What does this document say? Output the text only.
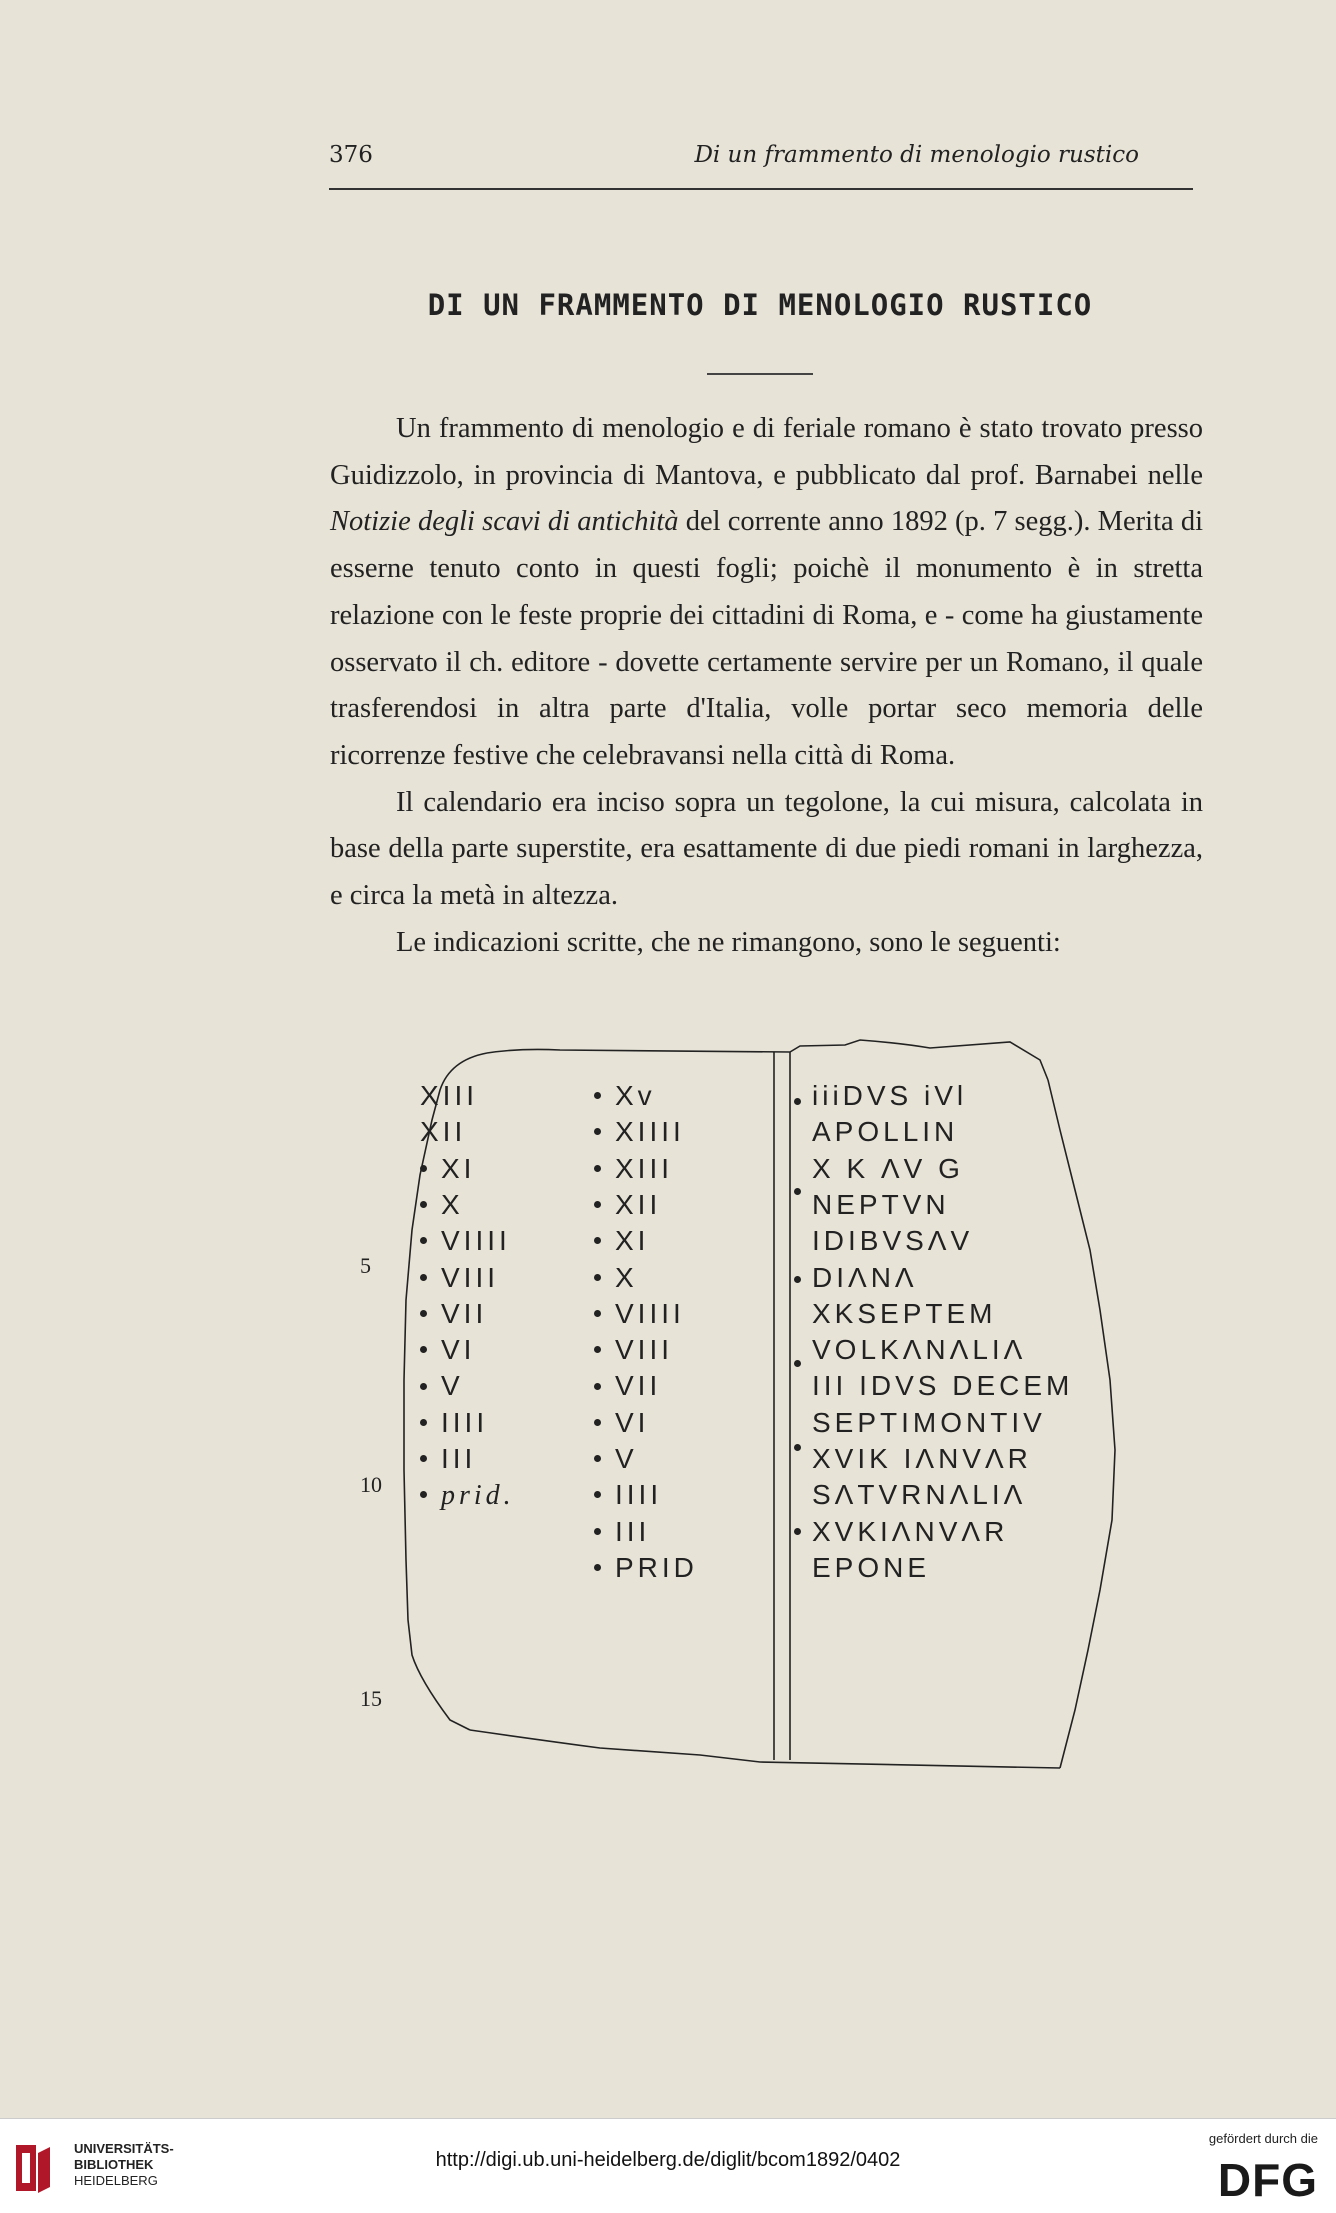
376	Di un frammento di menologio rustico
DI UN FRAMMENTO DI MENOLOGIO RUSTICO

Un frammento di menologio e di feriale romano è stato trovato presso Guidizzolo, in provincia di Mantova, e pubblicato dal prof. Barnabei nelle Notizie degli scavi di antichità del corrente anno 1892 (p. 7 segg.). Merita di esserne tenuto conto in questi fogli; poichè il monumento è in stretta relazione con le feste proprie dei cittadini di Roma, e - come ha giustamente osservato il ch. editore - dovette certamente servire per un Romano, il quale trasferendosi in altra parte d'Italia, volle portar seco memoria delle ricorrenze festive che celebravansi nella città di Roma.

Il calendario era inciso sopra un tegolone, la cui misura, calcolata in base della parte superstite, era esattamente di due piedi romani in larghezza, e circa la metà in altezza.

Le indicazioni scritte, che ne rimangono, sono le seguenti:

5
10
15
XIII
XII
XI
X
VIIII
VIII
VII
VI
V
IIII
III
prid.
Xv
XIIII
XIII
XII
XI
X
VIIII
VIII
VII
VI
V
IIII
III
PRID
iiiDVS iVl
APOLLIN
X K ΛV G
NEPTVN
IDIBVSΛV
DIΛNΛ
XKSEPTEM
VOLKΛNΛLIΛ
III IDVS DECEM
SEPTIMONTIV
XVIK IΛNVΛR
SΛTVRNΛLIΛ
XVKIΛNVΛR
EPONE
UNIVERSITÄTS-
BIBLIOTHEK
HEIDELBERG
http://digi.ub.uni-heidelberg.de/diglit/bcom1892/0402
gefördert durch die
DFG
